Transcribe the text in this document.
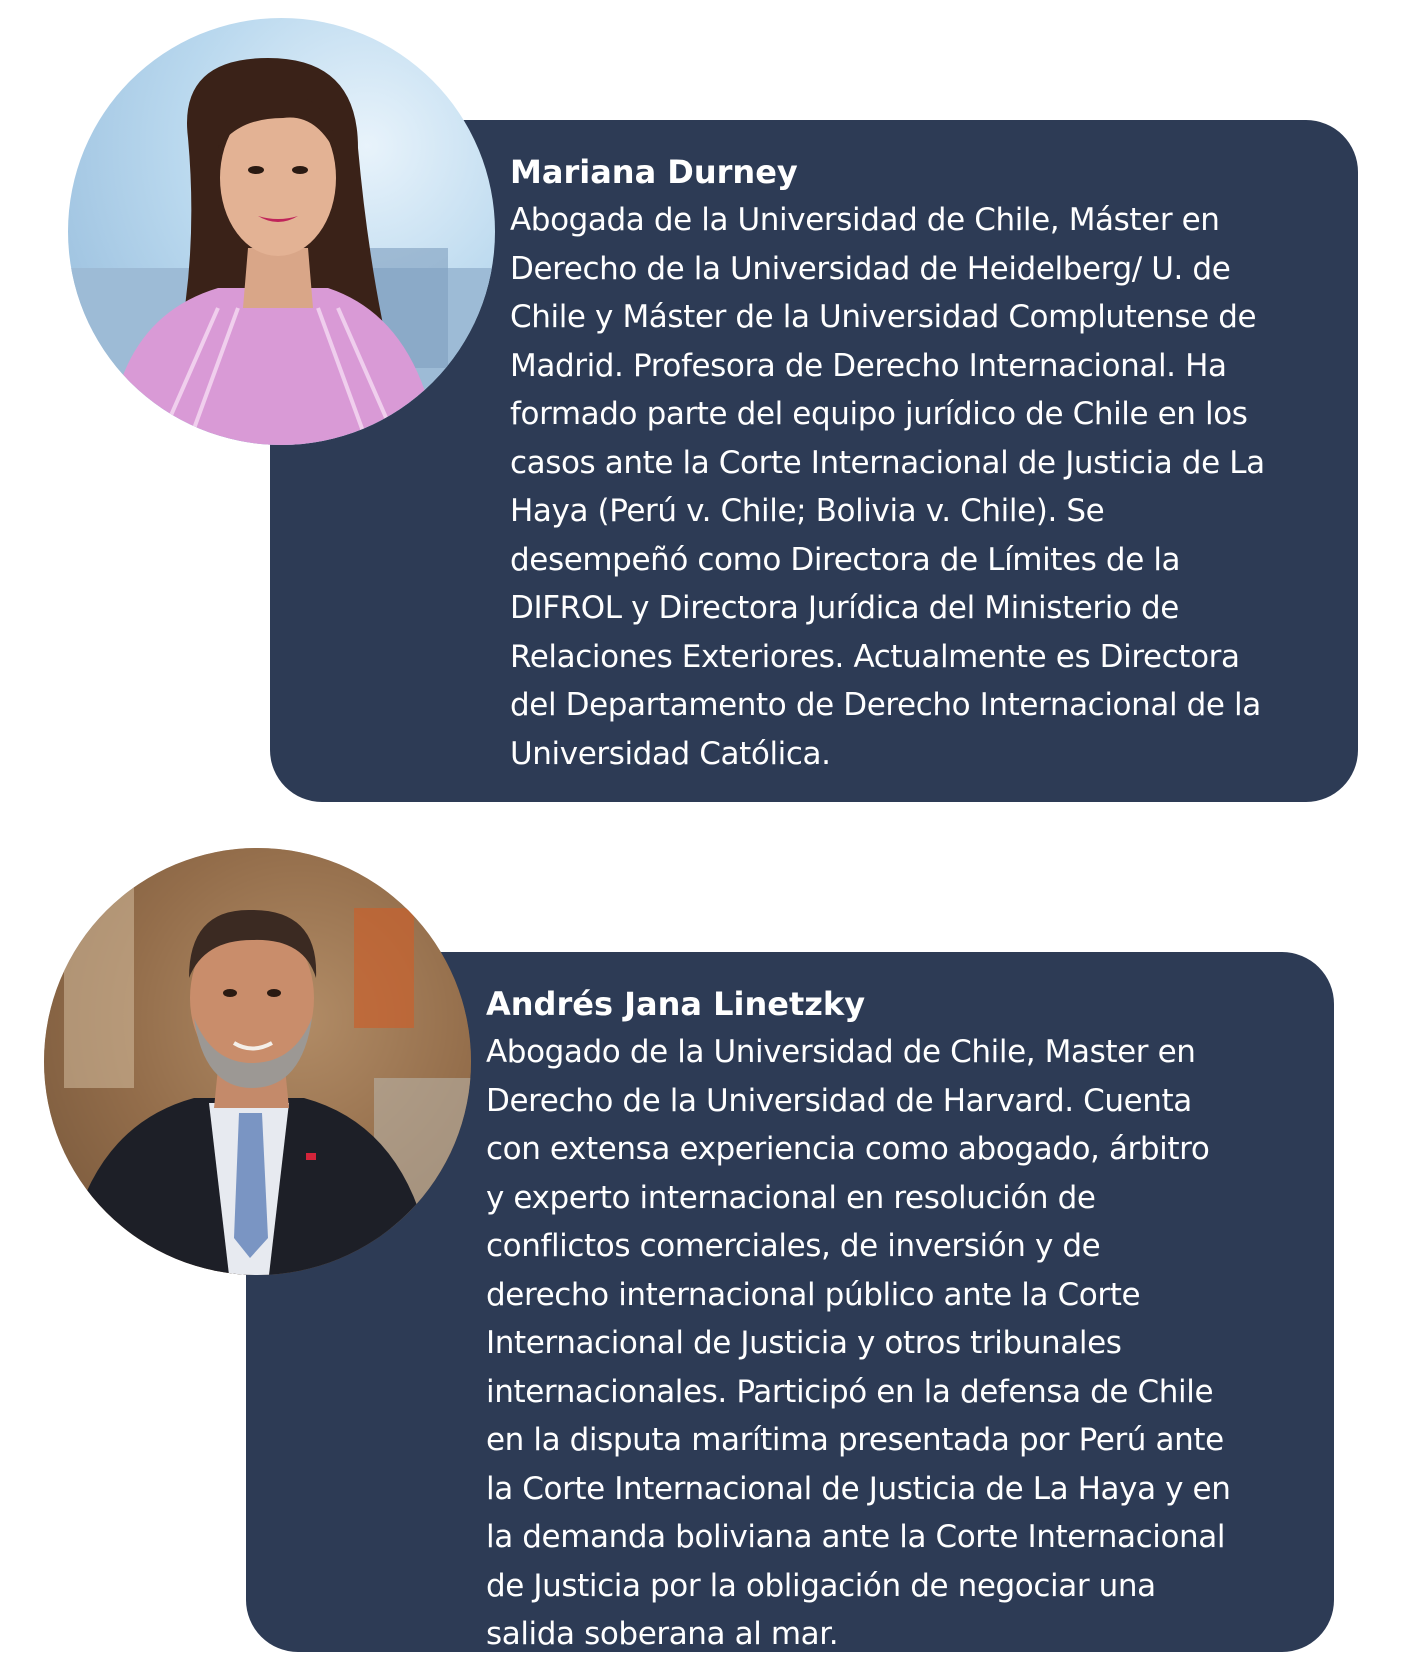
Mariana Durney

Abogada de la Universidad de Chile, Máster en
Derecho de la Universidad de Heidelberg/ U. de
Chile y Máster de la Universidad Complutense de
Madrid. Profesora de Derecho Internacional. Ha
formado parte del equipo jurídico de Chile en los
casos ante la Corte Internacional de Justicia de La
Haya (Perú v. Chile; Bolivia v. Chile). Se
desempeñó como Directora de Límites de la
DIFROL y Directora Jurídica del Ministerio de
Relaciones Exteriores. Actualmente es Directora
del Departamento de Derecho Internacional de la
Universidad Católica.

Andrés Jana Linetzky

Abogado de la Universidad de Chile, Master en
Derecho de la Universidad de Harvard. Cuenta
con extensa experiencia como abogado, árbitro
y experto internacional en resolución de
conflictos comerciales, de inversión y de
derecho internacional público ante la Corte
Internacional de Justicia y otros tribunales
internacionales. Participó en la defensa de Chile
en la disputa marítima presentada por Perú ante
la Corte Internacional de Justicia de La Haya y en
la demanda boliviana ante la Corte Internacional
de Justicia por la obligación de negociar una
salida soberana al mar.
